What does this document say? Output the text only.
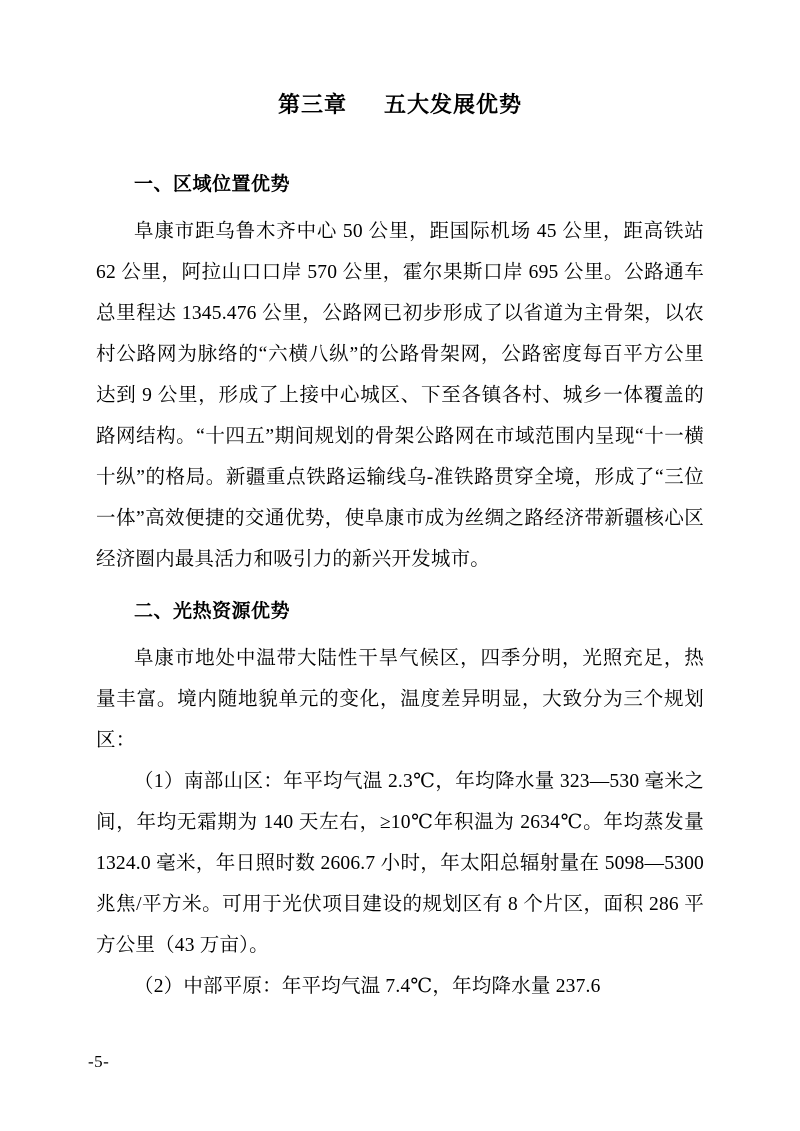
第三章 五大发展优势
一、区域位置优势

阜康市距乌鲁木齐中心 50 公里，距国际机场 45 公里，距高铁站 62 公里，阿拉山口口岸 570 公里，霍尔果斯口岸 695 公里。公路通车总里程达 1345.476 公里，公路网已初步形成了以省道为主骨架，以农村公路网为脉络的“六横八纵”的公路骨架网，公路密度每百平方公里达到 9 公里，形成了上接中心城区、下至各镇各村、城乡一体覆盖的路网结构。“十四五”期间规划的骨架公路网在市域范围内呈现“十一横十纵”的格局。新疆重点铁路运输线乌-准铁路贯穿全境，形成了“三位一体”高效便捷的交通优势，使阜康市成为丝绸之路经济带新疆核心区经济圈内最具活力和吸引力的新兴开发城市。

二、光热资源优势

阜康市地处中温带大陆性干旱气候区，四季分明，光照充足，热量丰富。境内随地貌单元的变化，温度差异明显，大致分为三个规划区：

（1）南部山区：年平均气温 2.3℃，年均降水量 323—530 毫米之间，年均无霜期为 140 天左右，≥10℃年积温为 2634℃。年均蒸发量 1324.0 毫米，年日照时数 2606.7 小时，年太阳总辐射量在 5098—5300 兆焦/平方米。可用于光伏项目建设的规划区有 8 个片区，面积 286 平方公里（43 万亩）。

（2）中部平原：年平均气温 7.4℃，年均降水量 237.6

-5-
